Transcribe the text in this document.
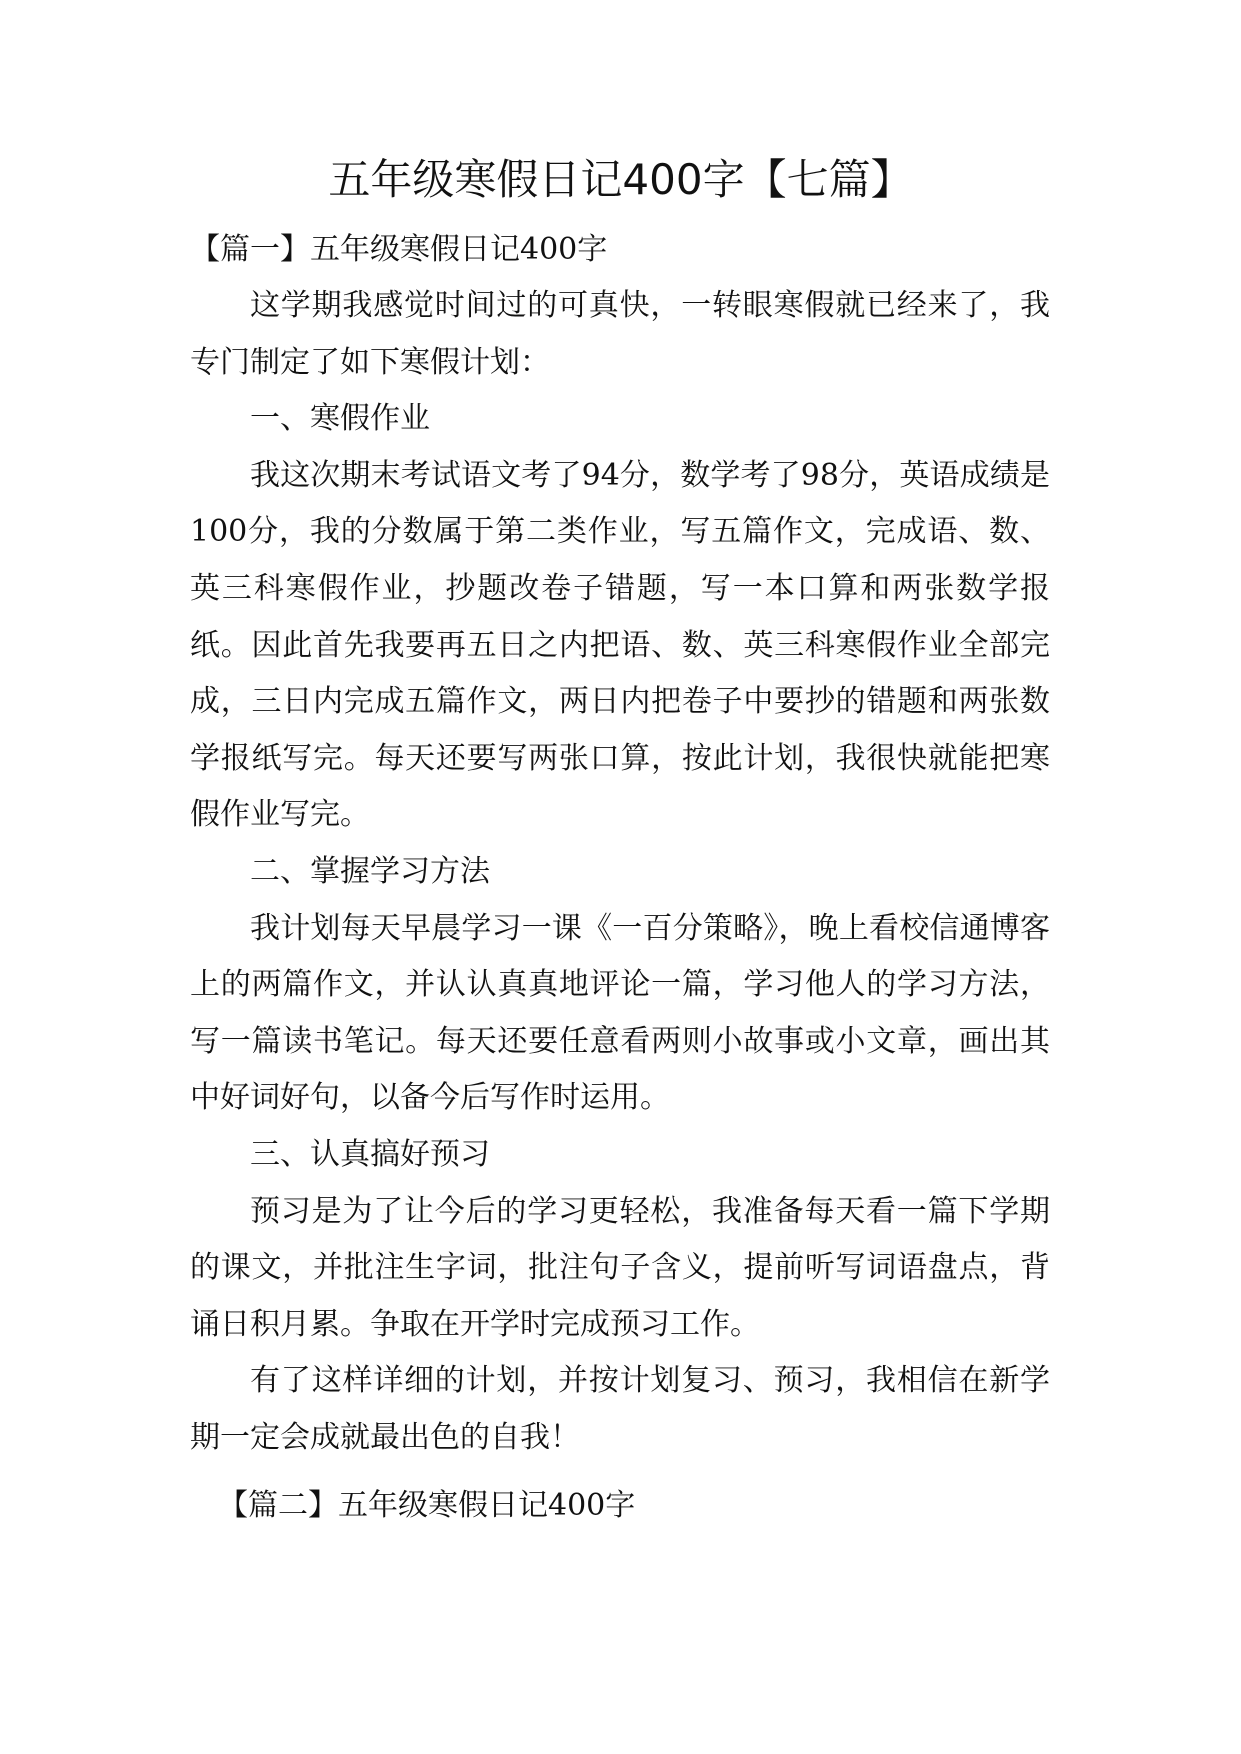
五年级寒假日记400字【七篇】
【篇一】五年级寒假日记400字

这学期我感觉时间过的可真快，一转眼寒假就已经来了，我专门制定了如下寒假计划：

一、寒假作业

我这次期末考试语文考了94分，数学考了98分，英语成绩是100分，我的分数属于第二类作业，写五篇作文，完成语、数、英三科寒假作业，抄题改卷子错题，写一本口算和两张数学报纸。因此首先我要再五日之内把语、数、英三科寒假作业全部完成，三日内完成五篇作文，两日内把卷子中要抄的错题和两张数学报纸写完。每天还要写两张口算，按此计划，我很快就能把寒假作业写完。

二、掌握学习方法

我计划每天早晨学习一课《一百分策略》，晚上看校信通博客上的两篇作文，并认认真真地评论一篇，学习他人的学习方法，写一篇读书笔记。每天还要任意看两则小故事或小文章，画出其中好词好句，以备今后写作时运用。

三、认真搞好预习

预习是为了让今后的学习更轻松，我准备每天看一篇下学期的课文，并批注生字词，批注句子含义，提前听写词语盘点，背诵日积月累。争取在开学时完成预习工作。

有了这样详细的计划，并按计划复习、预习，我相信在新学期一定会成就最出色的自我！

【篇二】五年级寒假日记400字
